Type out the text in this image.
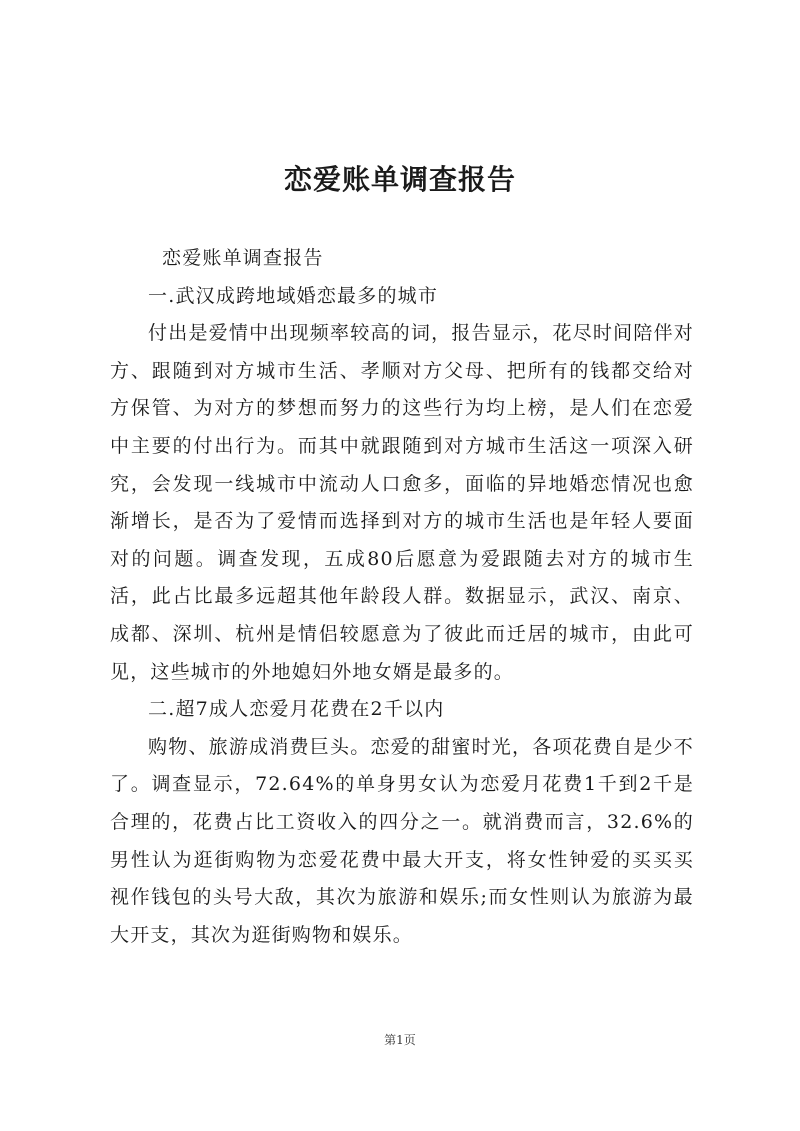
恋爱账单调查报告

恋爱账单调查报告

一.武汉成跨地域婚恋最多的城市

付出是爱情中出现频率较高的词，报告显示，花尽时间陪伴对方、跟随到对方城市生活、孝顺对方父母、把所有的钱都交给对方保管、为对方的梦想而努力的这些行为均上榜，是人们在恋爱中主要的付出行为。而其中就跟随到对方城市生活这一项深入研究，会发现一线城市中流动人口愈多，面临的异地婚恋情况也愈渐增长，是否为了爱情而选择到对方的城市生活也是年轻人要面对的问题。调查发现，五成80后愿意为爱跟随去对方的城市生活，此占比最多远超其他年龄段人群。数据显示，武汉、南京、成都、深圳、杭州是情侣较愿意为了彼此而迁居的城市，由此可见，这些城市的外地媳妇外地女婿是最多的。

二.超7成人恋爱月花费在2千以内

购物、旅游成消费巨头。恋爱的甜蜜时光，各项花费自是少不了。调查显示，72.64%的单身男女认为恋爱月花费1千到2千是合理的，花费占比工资收入的四分之一。就消费而言，32.6%的男性认为逛街购物为恋爱花费中最大开支，将女性钟爱的买买买视作钱包的头号大敌，其次为旅游和娱乐;而女性则认为旅游为最大开支，其次为逛街购物和娱乐。

第1页
